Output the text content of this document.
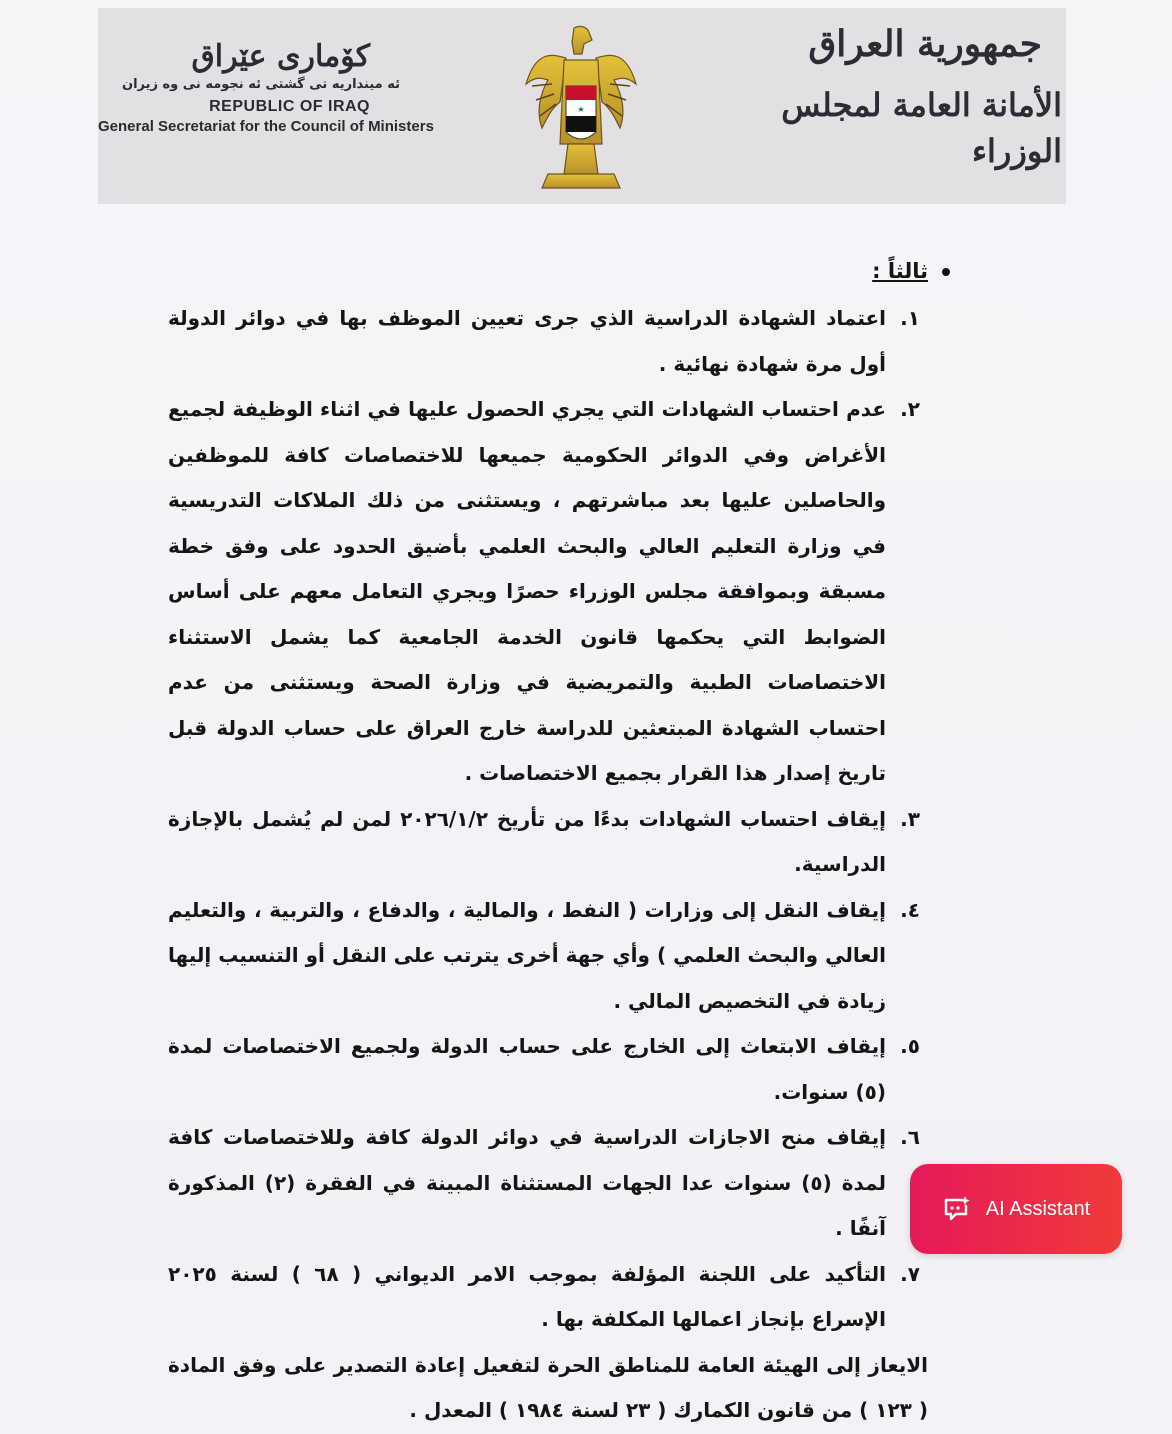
كۆماری عێراق
ئه‌ مینداریه‌ تی گشتی ئه‌ نجومه‌ نی وه‌ زیران
REPUBLIC OF IRAQ
General Secretariat for the Council of Ministers
★
جمهورية العراق
الأمانة العامة لمجلس الوزراء
ثالثاً :
١.
اعتماد الشهادة الدراسية الذي جرى تعيين الموظف بها في دوائر الدولة أول مرة شهادة نهائية .
٢.
عدم احتساب الشهادات التي يجري الحصول عليها في اثناء الوظيفة لجميع الأغراض وفي الدوائر الحكومية جميعها للاختصاصات كافة للموظفين والحاصلين عليها بعد مباشرتهم ، ويستثنى من ذلك الملاكات التدريسية في وزارة التعليم العالي والبحث العلمي بأضيق الحدود على وفق خطة مسبقة وبموافقة مجلس الوزراء حصرًا ويجري التعامل معهم على أساس الضوابط التي يحكمها قانون الخدمة الجامعية كما يشمل الاستثناء الاختصاصات الطبية والتمريضية في وزارة الصحة ويستثنى من عدم احتساب الشهادة المبتعثين للدراسة خارج العراق على حساب الدولة قبل تاريخ إصدار هذا القرار بجميع الاختصاصات .
٣.
إيقاف احتساب الشهادات بدءًا من تأريخ ٢٠٢٦/١/٢ لمن لم يُشمل بالإجازة الدراسية.
٤.
إيقاف النقل إلى وزارات ( النفط ، والمالية ، والدفاع ، والتربية ، والتعليم العالي والبحث العلمي ) وأي جهة أخرى يترتب على النقل أو التنسيب إليها زيادة في التخصيص المالي .
٥.
إيقاف الابتعاث إلى الخارج على حساب الدولة ولجميع الاختصاصات لمدة (٥) سنوات.
٦.
إيقاف منح الاجازات الدراسية في دوائر الدولة كافة وللاختصاصات كافة لمدة (٥) سنوات عدا الجهات المستثناة المبينة في الفقرة (٢) المذكورة آنفًا .
٧.
التأكيد على اللجنة المؤلفة بموجب الامر الديواني ( ٦٨ ) لسنة ٢٠٢٥ الإسراع بإنجاز اعمالها المكلفة بها .
الايعاز إلى الهيئة العامة للمناطق الحرة لتفعيل إعادة التصدير على وفق المادة ( ١٢٣ ) من قانون الكمارك ( ٢٣ لسنة ١٩٨٤ ) المعدل .
AI Assistant
